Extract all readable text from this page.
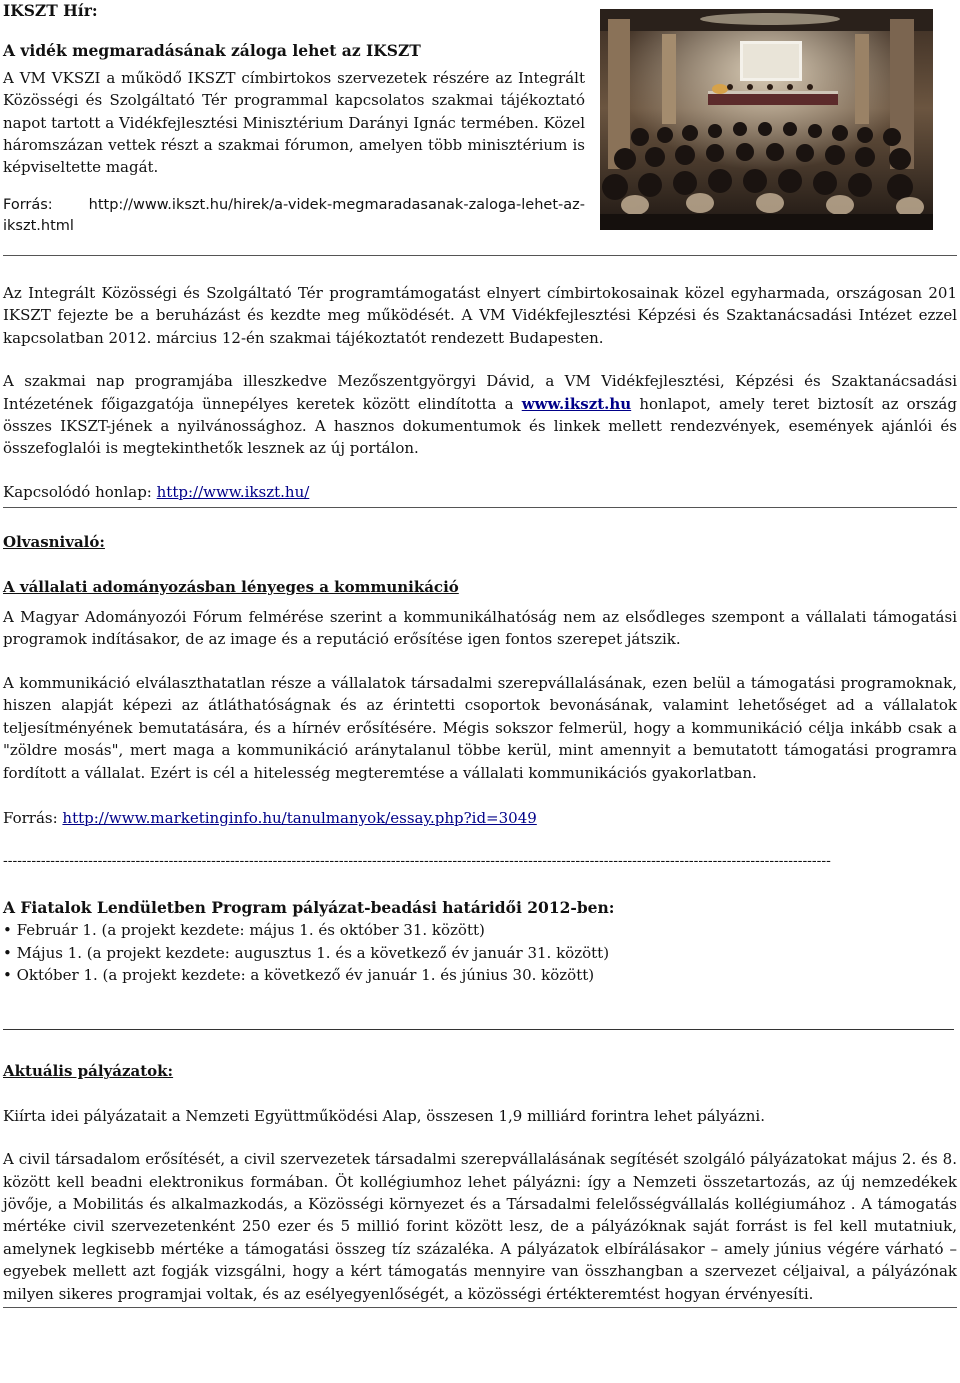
IKSZT Hír:

A vidék megmaradásának záloga lehet az IKSZT

A VM VKSZI a működő IKSZT címbirtokos szervezetek részére az Integrált Közösségi és Szolgáltató Tér programmal kapcsolatos szakmai tájékoztató napot tartott a Vidékfejlesztési Minisztérium Darányi Ignác termében. Közel háromszázan vettek részt a szakmai fórumon, amelyen több minisztérium is képviseltette magát.

Forrás: http://www.ikszt.hu/hirek/a-videk-megmaradasanak-zaloga-lehet-az-ikszt.html

Az Integrált Közösségi és Szolgáltató Tér programtámogatást elnyert címbirtokosainak közel egyharmada, országosan 201 IKSZT fejezte be a beruházást és kezdte meg működését. A VM Vidékfejlesztési Képzési és Szaktanácsadási Intézet ezzel kapcsolatban 2012. március 12-én szakmai tájékoztatót rendezett Budapesten.

A szakmai nap programjába illeszkedve Mezőszentgyörgyi Dávid, a VM Vidékfejlesztési, Képzési és Szaktanácsadási Intézetének főigazgatója ünnepélyes keretek között elindította a www.ikszt.hu honlapot, amely teret biztosít az ország összes IKSZT-jének a nyilvánossághoz. A hasznos dokumentumok és linkek mellett rendezvények, események ajánlói és összefoglalói is megtekinthetők lesznek az új portálon.

Kapcsolódó honlap: http://www.ikszt.hu/

Olvasnivaló:

A vállalati adományozásban lényeges a kommunikáció

A Magyar Adományozói Fórum felmérése szerint a kommunikálhatóság nem az elsődleges szempont a vállalati támogatási programok indításakor, de az image és a reputáció erősítése igen fontos szerepet játszik.

A kommunikáció elválaszthatatlan része a vállalatok társadalmi szerepvállalásának, ezen belül a támogatási programoknak, hiszen alapját képezi az átláthatóságnak és az érintetti csoportok bevonásának, valamint lehetőséget ad a vállalatok teljesítményének bemutatására, és a hírnév erősítésére. Mégis sokszor felmerül, hogy a kommunikáció célja inkább csak a "zöldre mosás", mert maga a kommunikáció aránytalanul többe kerül, mint amennyit a bemutatott támogatási programra fordított a vállalat. Ezért is cél a hitelesség megteremtése a vállalati kommunikációs gyakorlatban.

Forrás: http://www.marketinginfo.hu/tanulmanyok/essay.php?id=3049

-------------------------------------------------------------------------------------------------------------------------------------------------------------------------------

A Fiatalok Lendületben Program pályázat-beadási határidői 2012-ben:

• Február 1. (a projekt kezdete: május 1. és október 31. között)
• Május 1. (a projekt kezdete: augusztus 1. és a következő év január 31. között)
• Október 1. (a projekt kezdete: a következő év január 1. és június 30. között)

Aktuális pályázatok:

Kiírta idei pályázatait a Nemzeti Együttműködési Alap, összesen 1,9 milliárd forintra lehet pályázni.

A civil társadalom erősítését, a civil szervezetek társadalmi szerepvállalásának segítését szolgáló pályázatokat május 2. és 8. között kell beadni elektronikus formában. Öt kollégiumhoz lehet pályázni: így a Nemzeti összetartozás, az új nemzedékek jövője, a Mobilitás és alkalmazkodás, a Közösségi környezet és a Társadalmi felelősségvállalás kollégiumához . A támogatás mértéke civil szervezetenként 250 ezer és 5 millió forint között lesz, de a pályázóknak saját forrást is fel kell mutatniuk, amelynek legkisebb mértéke a támogatási összeg tíz százaléka. A pályázatok elbírálásakor – amely június végére várható – egyebek mellett azt fogják vizsgálni, hogy a kért támogatás mennyire van összhangban a szervezet céljaival, a pályázónak milyen sikeres programjai voltak, és az esélyegyenlőségét, a közösségi értékteremtést hogyan érvényesíti.
